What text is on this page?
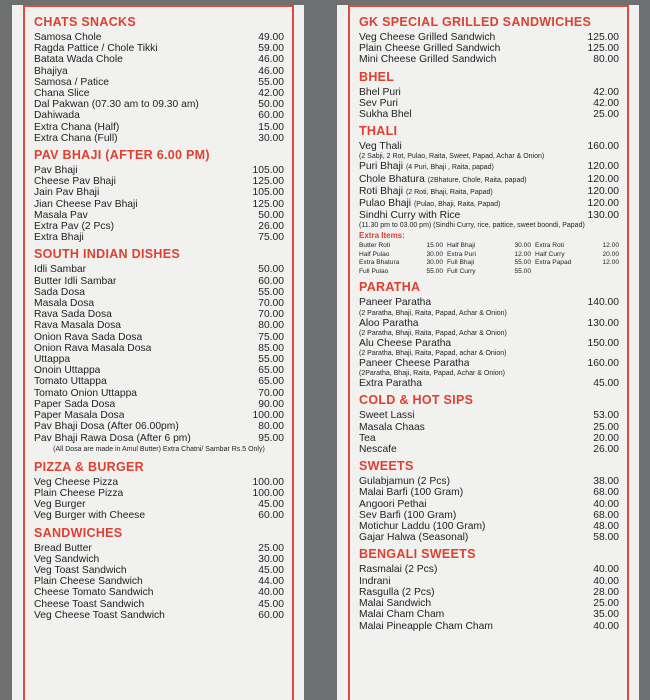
CHATS SNACKS
Samosa Chole	49.00
Ragda Pattice / Chole Tikki	59.00
Batata Wada Chole	46.00
Bhajiya	46.00
Samosa / Patice	55.00
Chana Slice	42.00
Dal Pakwan (07.30 am to 09.30 am)	50.00
Dahiwada	60.00
Extra Chana (Half)	15.00
Extra Chana (Full)	30.00
PAV BHAJI (AFTER 6.00 PM)
Pav Bhaji	105.00
Cheese Pav Bhaji	125.00
Jain Pav Bhaji	105.00
Jian Cheese Pav Bhaji	125.00
Masala Pav	50.00
Extra Pav (2 Pcs)	26.00
Extra Bhaji	75.00
SOUTH INDIAN DISHES
Idli Sambar	50.00
Butter Idli Sambar	60.00
Sada Dosa	55.00
Masala Dosa	70.00
Rava Sada Dosa	70.00
Rava Masala Dosa	80.00
Onion Rava Sada Dosa	75.00
Onion Rava Masala Dosa	85.00
Uttappa	55.00
Onoin Uttappa	65.00
Tomato Uttappa	65.00
Tomato Onion Uttappa	70.00
Paper Sada Dosa	90.00
Paper Masala Dosa	100.00
Pav Bhaji Dosa (After 06.00pm)	80.00
Pav Bhaji Rawa Dosa (After 6 pm)	95.00
(All Dosa are made in Amul Butter) Extra Chatni/ Sambar Rs.5 Only)
PIZZA & BURGER
Veg Cheese Pizza	100.00
Plain Cheese Pizza	100.00
Veg Burger	45.00
Veg Burger with Cheese	60.00
SANDWICHES
Bread Butter	25.00
Veg Sandwich	30.00
Veg Toast Sandwich	45.00
Plain Cheese Sandwich	44.00
Cheese Tomato Sandwich	40.00
Cheese Toast Sandwich	45.00
Veg Cheese Toast Sandwich	60.00
GK SPECIAL GRILLED SANDWICHES
Veg Cheese Grilled Sandwich	125.00
Plain Cheese Grilled Sandwich	125.00
Mini Cheese Grilled Sandwich	80.00
BHEL
Bhel Puri	42.00
Sev Puri	42.00
Sukha Bhel	25.00
THALI
Veg Thali	160.00
(2 Sabji, 2 Rot, Pulao, Raita, Sweet, Papad, Achar & Onion)
Puri Bhaji (4 Puri, Bhaji , Raita, papad)	120.00
Chole Bhatura (2Bhature, Chole, Raita, papad)	120.00
Roti Bhaji (2 Roti, Bhaji, Raita, Papad)	120.00
Pulao Bhaji (Pulao, Bhaji, Raita, Papad)	120.00
Sindhi Curry with Rice	130.00
(11.30 pm to 03.00 pm) (Sindhi Curry, rice, pattice, sweet boondi, Papad)
Extra Items:
Butter Roti	15.00 Half Bhaji	30.00 Extra Roti	12.00
Half Pulao	30.00 Extra Puri	12.00 Half Curry	20.00
Extra Bhatura	30.00 Full Bhaji	55.00 Extra Papad	12.00
Full Pulao	55.00 Full Curry	55.00
PARATHA
Paneer Paratha	140.00
(2 Paratha, Bhaji, Raita, Papad, Achar & Onion)
Aloo Paratha	130.00
(2 Paratha, Bhaji, Raita, Papad, Achar & Onion)
Alu Cheese Paratha	150.00
(2 Paratha, Bhaji, Raita, Papad, achar & Onion)
Paneer Cheese Paratha	160.00
(2Paratha, Bhaji, Raita, Papad, Achar & Onion)
Extra Paratha	45.00
COLD & HOT SIPS
Sweet Lassi	53.00
Masala Chaas	25.00
Tea	20.00
Nescafe	26.00
SWEETS
Gulabjamun (2 Pcs)	38.00
Malai Barfi (100 Gram)	68.00
Angoori Pethai	40.00
Sev Barfi (100 Gram)	68.00
Motichur Laddu (100 Gram)	48.00
Gajar Halwa (Seasonal)	58.00
BENGALI SWEETS
Rasmalai (2 Pcs)	40.00
Indrani	40.00
Rasgulla (2 Pcs)	28.00
Malai Sandwich	25.00
Malai Cham Cham	35.00
Malai Pineapple Cham Cham	40.00
